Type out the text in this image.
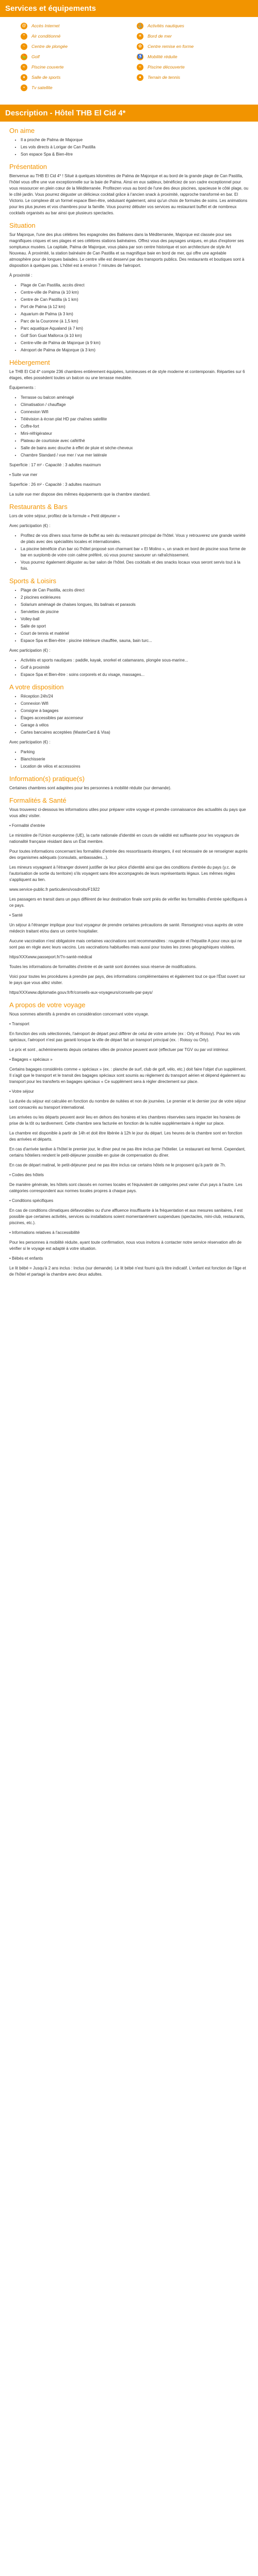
Services et équipements
@ Accès Internet	⚓ Activités nautiques
*	Air conditionné	☀	Bord de mer
~	Centre de plongée	✿	Centre remise en forme
⛳ Golf	♿ Mobilité réduite
≈	Piscine couverte	≈	Piscine découverte
♦	Salle de sports	●	Terrain de tennis
▪	Tv satellite
Description - Hôtel THB El Cid 4*
On aime
• Il a proche de Palma de Majorque
• Les vols directs à Lorigar de Can Pastilla
• Son espace Spa & Bien-être
Présentation

Bienvenue au THB El Cid 4* ! Situé à quelques kilomètres de Palma de Majorque et au bord de la grande plage de Can Pastilla, l'hôtel vous offre une vue exceptionnelle sur la baie de Palma. Ainsi en eux sableux, bénéficiez de son cadre exceptionnel pour vous ressourcer en plein cœur de la Méditerranée. Profitezen vous au bord de l'une des deux piscines, spacieuse le côté plage, ou le côté jardin. Vous pourrez déguster un délicieux cocktail grâce à l'ancien snack à proximité, rapproche transformé en bar. El Victorio. Le complexe dit un formel espace Bien-être, séduisant également, ainsi qu'un choix de formules de soins. Les animations pour les plus jeunes et vos chambres pour la famille. Vous pourrez débuter vos services au restaurant buffet et de nombreux cocktails organisés au bar ainsi que plusieurs spectacles.

Situation

Sur Majorque, l'une des plus célèbres îles espagnoles des Baléares dans la Méditerranée, Majorque est classée pour ses magnifiques criques et ses plages et ses célèbres stations balnéaires. Offrez vous des paysages uniques, en plus d'explorer ses somptueux musées. La capitale, Palma de Majorque, vous plaira par son centre historique et son architecture de style Art Nouveau. À proximité, la station balnéaire de Can Pastilla et sa magnifique baie en bord de mer, qui offre une agréable atmosphère pour de longues balades. Le centre ville est desservi par des transports publics. Des restaurants et boutiques sont à disposition à quelques pas. L'hôtel est à environ 7 minutes de l'aéroport.

À proximité :

• Plage de Can Pastilla, accès direct
• Centre-ville de Palma (à 10 km)
• Centre de Can Pastilla (à 1 km)
• Port de Palma (à 12 km)
• Aquarium de Palma (à 3 km)
• Parc de la Couronne (à 1,5 km)
• Parc aquatique Aqualand (à 7 km)
• Golf Son Gual Mallorca (à 10 km)
• Centre-ville de Palma de Majorque (à 9 km)
• Aéroport de Palma de Majorque (à 3 km)
Hébergement

Le THB El Cid 4* compte 236 chambres entièrement équipées, lumineuses et de style moderne et contemporain. Réparties sur 6 étages, elles possèdent toutes un balcon ou une terrasse meublée.

Équipements :

• Terrasse ou balcon aménagé
• Climatisation / chauffage
• Connexion Wifi
• Télévision à écran plat HD par chaînes satellite
• Coffre-fort
• Mini-réfrigérateur
• Plateau de courtoisie avec café/thé
• Salle de bains avec douche à effet de pluie et sèche-cheveux
• Chambre Standard / vue mer / vue mer latérale

Superficie : 17 m² - Capacité : 3 adultes maximum

• Suite vue mer

Superficie : 26 m² - Capacité : 3 adultes maximum

La suite vue mer dispose des mêmes équipements que la chambre standard.

Restaurants & Bars

Lors de votre séjour, profitez de la formule « Petit déjeuner »

Avec participation (€) :

• Profitez de vos dîners sous forme de buffet au sein du restaurant principal de l'hôtel. Vous y retrouverez une grande variété de plats avec des spécialités locales et internationales.
• La piscine bénéficie d'un bar où l'hôtel proposé son charmant bar « El Molino », un snack en bord de piscine sous forme de bar en surplomb de votre coin calme préféré, où vous pourrez savourer un rafraîchissement.
• Vous pourrez également déguster au bar salon de l'hôtel. Des cocktails et des snacks locaux vous seront servis tout à la fois.
Sports & Loisirs
• Plage de Can Pastilla, accès direct
• 2 piscines extérieures
• Solarium aménagé de chaises longues, lits balinais et parasols
• Serviettes de piscine
• Volley-ball
• Salle de sport
• Court de tennis et matériel
• Espace Spa et Bien-être : piscine intérieure chauffée, sauna, bain turc...

Avec participation (€) :

• Activités et sports nautiques : paddle, kayak, snorkel et catamarans, plongée sous-marine...
• Golf à proximité
• Espace Spa et Bien-être : soins corporels et du visage, massages...
A votre disposition
• Réception 24h/24
• Connexion Wifi
• Consigne à bagages
• Étages accessibles par ascenseur
• Garage à vélos
• Cartes bancaires acceptées (MasterCard & Visa)

Avec participation (€) :

• Parking
• Blanchisserie
• Location de vélos et accessoires
Information(s) pratique(s)

Certaines chambres sont adaptées pour les personnes à mobilité réduite (sur demande).

Formalités & Santé

Vous trouverez ci-dessous les informations utiles pour préparer votre voyage et prendre connaissance des actualités du pays que vous allez visiter.

• Formalité d'entrée

Le ministère de l'Union européenne (UE), la carte nationale d'identité en cours de validité est suffisante pour les voyageurs de nationalité française résidant dans un État membre.

Pour toutes informations concernant les formalités d'entrée des ressortissants étrangers, il est nécessaire de se renseigner auprès des organismes adéquats (consulats, ambassades...).

Les mineurs voyageant à l'étranger doivent justifier de leur pièce d'identité ainsi que des conditions d'entrée du pays (y.c. de l'autorisation de sortie du territoire) s'ils voyagent sans être accompagnés de leurs représentants légaux. Les mêmes règles s'appliquent au lien.

www.service-public.fr particuliers/vosdroits/F1922

Les passagers en transit dans un pays différent de leur destination finale sont priés de vérifier les formalités d'entrée spécifiques à ce pays.

• Santé

Un séjour à l'étranger implique pour tout voyageur de prendre certaines précautions de santé. Renseignez-vous auprès de votre médecin traitant et/ou dans un centre hospitalier.

Aucune vaccination n'est obligatoire mais certaines vaccinations sont recommandées : rougeole et l'hépatite A pour ceux qui ne sont pas en règle avec leurs vaccins. Les vaccinations habituelles mais aussi pour toutes les zones géographiques visitées.

https/XXXwww.passeport.fr/7n-santé-médical

Toutes les informations de formalités d'entrée et de santé sont données sous réserve de modifications.

Voici pour toutes les procédures à prendre par pays, des informations complémentaires et également tout ce que l'État ouvert sur le pays que vous allez visiter.

https/XXXwww.diplomatie.gouv.fr/fr/conseils-aux-voyageurs/conseils-par-pays/

A propos de votre voyage

Nous sommes attentifs à prendre en considération concernant votre voyage.

• Transport

En fonction des vols sélectionnés, l'aéroport de départ peut différer de celui de votre arrivée (ex : Orly et Roissy). Pour les vols spéciaux, l'aéroport n'est pas garanti lorsque la ville de départ fait un transport principal (ex. : Roissy ou Orly).

Le prix et sont , achéminements depuis certaines villes de province peuvent avoir (effectuer par TGV ou par vol intérieur.

• Bagages « spéciaux »

Certains bagages considérés comme « spéciaux » (ex. : planche de surf, club de golf, vélo, etc.) doit faire l'objet d'un supplément. Il s'agit que le transport et le transit des bagages spéciaux sont soumis au règlement du transport aérien et dépend également au transport pour les transferts en bagages spéciaux « Ce supplément sera à régler directement sur place.

• Votre séjour

La durée du séjour est calculée en fonction du nombre de nuitées et non de journées. Le premier et le dernier jour de votre séjour sont consacrés au transport international.

Les arrivées ou les départs peuvent avoir lieu en dehors des horaires et les chambres réservées sans impacter les horaires de prise de la tôt ou tardivement. Cette chambre sera facturée en fonction de la nuitée supplémentaire à régler sur place.

La chambre est disponible à partir de 14h et doit être libérée à 12h le jour du départ. Les heures de la chambre sont en fonction des arrivées et départs.

En cas d'arrivée tardive à l'hôtel le premier jour, le dîner peut ne pas être inclus par l'hôtelier. Le restaurant est fermé. Cependant, certains hôteliers rendent le petit-déjeuner possible en guise de compensation du dîner.

En cas de départ matinal, le petit-déjeuner peut ne pas être inclus car certains hôtels ne le proposent qu'à partir de 7h.

• Codes des hôtels

De manière générale, les hôtels sont classés en normes locales et l'équivalent de catégories peut varier d'un pays à l'autre. Les catégories correspondent aux normes locales propres à chaque pays.

• Conditions spécifiques

En cas de conditions climatiques défavorables ou d'une affluence insuffisante à la fréquentation et aux mesures sanitaires, il est possible que certaines activités, services ou installations soient momentanément suspendues (spectacles, mini-club, restaurants, piscines, etc.).

• Informations relatives à l'accessibilité

Pour les personnes à mobilité réduite, ayant toute confirmation, nous vous invitons à contacter notre service réservation afin de vérifier si le voyage est adapté à votre situation.

• Bébés et enfants

Le lit bébé = Jusqu'à 2 ans inclus : Inclus (sur demande). Le lit bébé n'est fourni qu'à titre indicatif. L'enfant est fonction de l'âge et de l'hôtel et partagé la chambre avec deux adultes.
